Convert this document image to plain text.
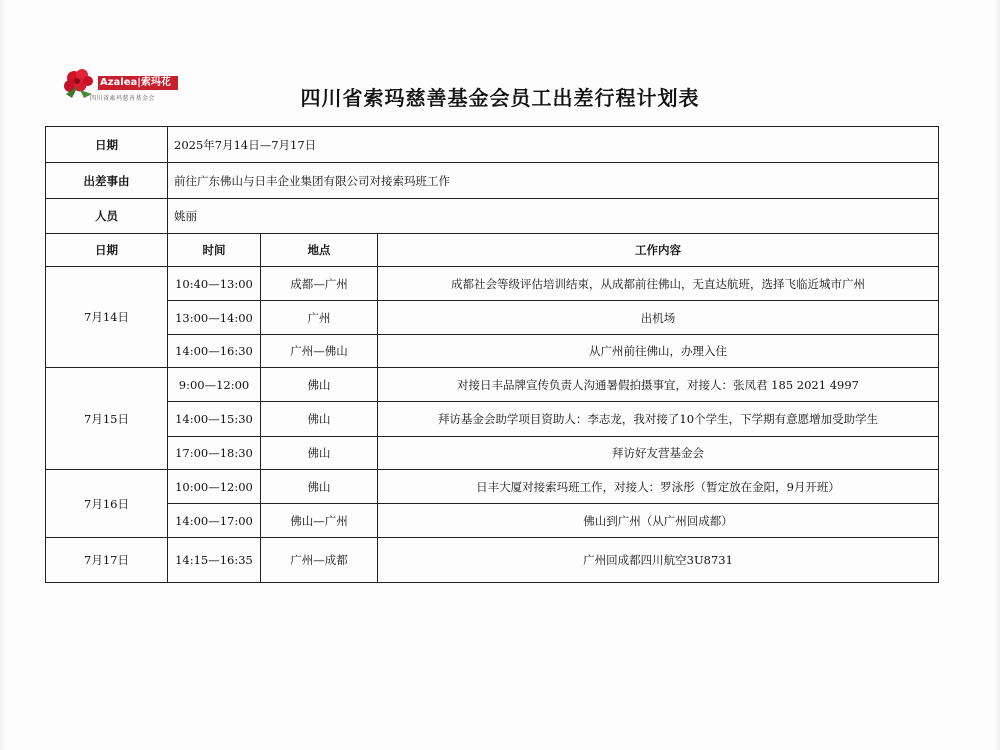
Azalea|索玛花
四川省索玛慈善基金会	四川省索玛慈善基金会员工出差行程计划表
日期	2025年7月14日—7月17日		
出差事由	前往广东佛山与日丰企业集团有限公司对接索玛班工作		
人员	姚丽		
日期	时间	地点	工作内容
7月14日	10:40—13:00	成都—广州	成都社会等级评估培训结束，从成都前往佛山，无直达航班，选择飞临近城市广州
	13:00—14:00	广州	出机场
	14:00—16:30	广州—佛山	从广州前往佛山，办理入住
7月15日	9:00—12:00	佛山	对接日丰品牌宣传负责人沟通暑假拍摄事宜，对接人：张凤君 185 2021 4997
	14:00—15:30	佛山	拜访基金会助学项目资助人：李志龙，我对接了10个学生，下学期有意愿增加受助学生
	17:00—18:30	佛山	拜访好友营基金会
7月16日	10:00—12:00	佛山	日丰大厦对接索玛班工作，对接人：罗泳彤（暂定放在金阳，9月开班）
	14:00—17:00	佛山—广州	佛山到广州（从广州回成都）
7月17日	14:15—16:35	广州—成都	广州回成都四川航空3U8731
